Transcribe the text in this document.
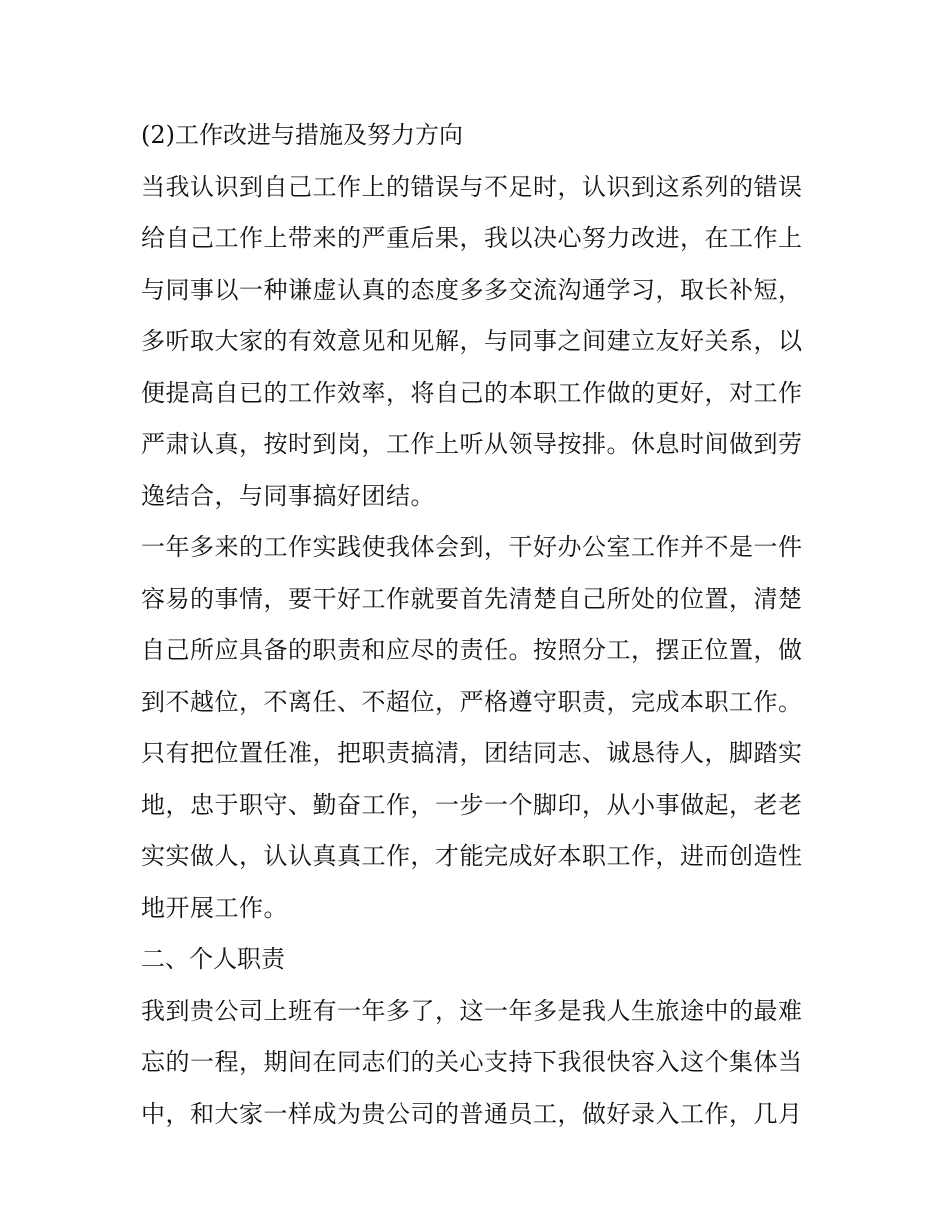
(2)工作改进与措施及努力方向
当我认识到自己工作上的错误与不足时，认识到这系列的错误
给自己工作上带来的严重后果，我以决心努力改进，在工作上
与同事以一种谦虚认真的态度多多交流沟通学习，取长补短，
多听取大家的有效意见和见解，与同事之间建立友好关系，以
便提高自已的工作效率，将自己的本职工作做的更好，对工作
严肃认真，按时到岗，工作上听从领导按排。休息时间做到劳
逸结合，与同事搞好团结。
一年多来的工作实践使我体会到，干好办公室工作并不是一件
容易的事情，要干好工作就要首先清楚自己所处的位置，清楚
自己所应具备的职责和应尽的责任。按照分工，摆正位置，做
到不越位，不离任、不超位，严格遵守职责，完成本职工作。
只有把位置任准，把职责搞清，团结同志、诚恳待人，脚踏实
地，忠于职守、勤奋工作，一步一个脚印，从小事做起，老老
实实做人，认认真真工作，才能完成好本职工作，进而创造性
地开展工作。
二、个人职责
我到贵公司上班有一年多了，这一年多是我人生旅途中的最难
忘的一程，期间在同志们的关心支持下我很快容入这个集体当
中，和大家一样成为贵公司的普通员工，做好录入工作，几月
